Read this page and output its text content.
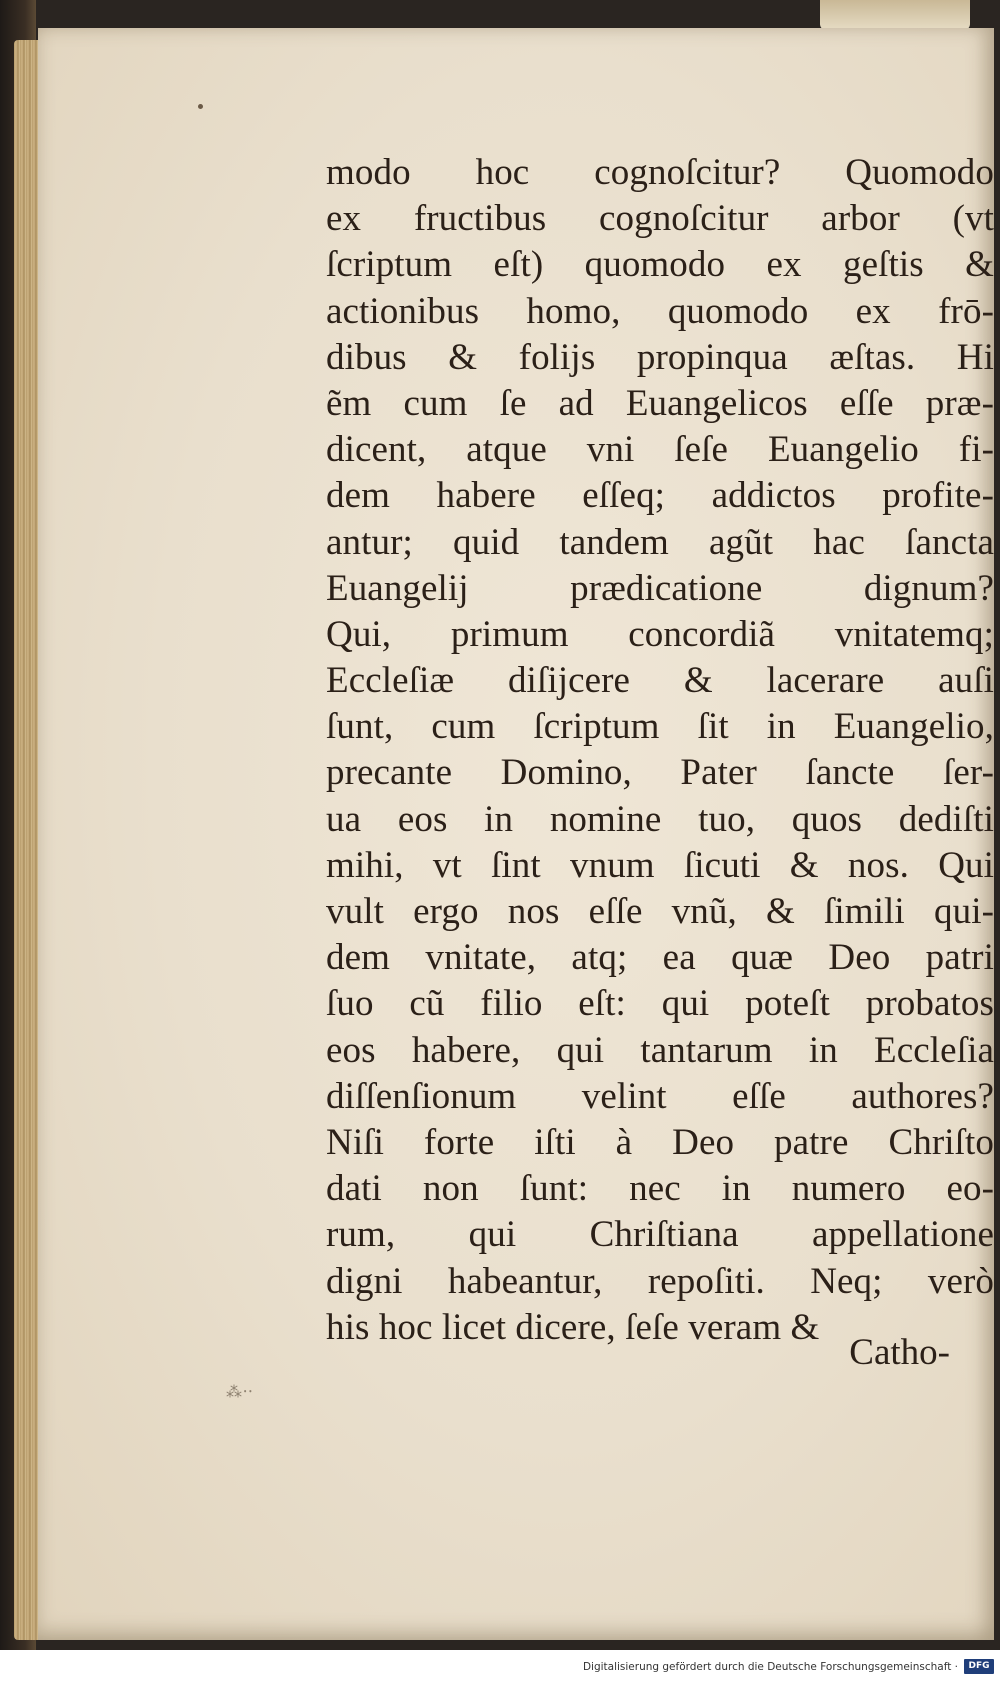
modo hoc cognoſcitur? Quomodo
ex fructibus cognoſcitur arbor (vt
ſcriptum eſt) quomodo ex geſtis &
actionibus homo, quomodo ex frō-
dibus & folijs propinqua æſtas. Hi
ẽm cum ſe ad Euangelicos eſſe præ-
dicent, atque vni ſeſe Euangelio fi-
dem habere eſſeq; addictos profite-
antur; quid tandem agũt hac ſancta
Euangelij prædicatione dignum?
Qui, primum concordiã vnitatemq;
Eccleſiæ diſijcere & lacerare auſi
ſunt, cum ſcriptum ſit in Euangelio,
precante Domino, Pater ſancte ſer-
ua eos in nomine tuo, quos dediſti
mihi, vt ſint vnum ſicuti & nos. Qui
vult ergo nos eſſe vnũ, & ſimili qui-
dem vnitate, atq; ea quæ Deo patri
ſuo cũ filio eſt: qui poteſt probatos
eos habere, qui tantarum in Eccleſia
diſſenſionum velint eſſe authores?
Niſi forte iſti à Deo patre Chriſto
dati non ſunt: nec in numero eo-
rum, qui Chriſtiana appellatione
digni habeantur, repoſiti. Neq; verò
his hoc licet dicere, ſeſe veram &
Catho-
⁂⸱⸱
Digitalisierung gefördert durch die Deutsche Forschungsgemeinschaft ·	DFG
